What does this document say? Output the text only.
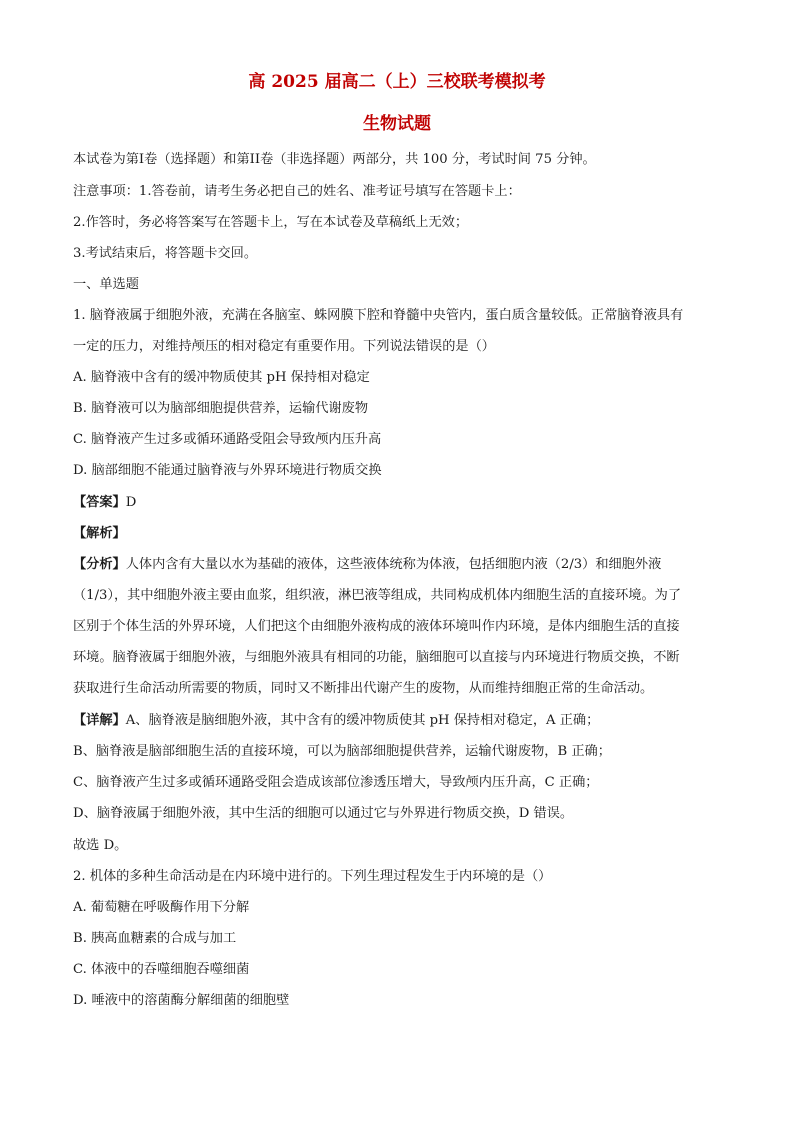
高 2025 届高二（上）三校联考模拟考
生物试题
本试卷为第Ⅰ卷（选择题）和第ⅠI卷（非选择题）两部分，共 100 分，考试时间 75 分钟。
注意事项：1.答卷前，请考生务必把自己的姓名、准考证号填写在答题卡上：
2.作答时，务必将答案写在答题卡上，写在本试卷及草稿纸上无效；
3.考试结束后，将答题卡交回。
一、单选题
1. 脑脊液属于细胞外液，充满在各脑室、蛛网膜下腔和脊髓中央管内，蛋白质含量较低。正常脑脊液具有
一定的压力，对维持颅压的相对稳定有重要作用。下列说法错误的是（）
A. 脑脊液中含有的缓冲物质使其 pH 保持相对稳定
B. 脑脊液可以为脑部细胞提供营养，运输代谢废物
C. 脑脊液产生过多或循环通路受阻会导致颅内压升高
D. 脑部细胞不能通过脑脊液与外界环境进行物质交换
【答案】D
【解析】
【分析】人体内含有大量以水为基础的液体，这些液体统称为体液，包括细胞内液（2/3）和细胞外液
（1/3），其中细胞外液主要由血浆，组织液，淋巴液等组成，共同构成机体内细胞生活的直接环境。为了
区别于个体生活的外界环境，人们把这个由细胞外液构成的液体环境叫作内环境，是体内细胞生活的直接
环境。脑脊液属于细胞外液，与细胞外液具有相同的功能，脑细胞可以直接与内环境进行物质交换，不断
获取进行生命活动所需要的物质，同时又不断排出代谢产生的废物，从而维持细胞正常的生命活动。
【详解】A、脑脊液是脑细胞外液，其中含有的缓冲物质使其 pH 保持相对稳定，A 正确；
B、脑脊液是脑部细胞生活的直接环境，可以为脑部细胞提供营养，运输代谢废物，B 正确；
C、脑脊液产生过多或循环通路受阻会造成该部位渗透压增大，导致颅内压升高，C 正确；
D、脑脊液属于细胞外液，其中生活的细胞可以通过它与外界进行物质交换，D 错误。
故选 D。
2. 机体的多种生命活动是在内环境中进行的。下列生理过程发生于内环境的是（）
A. 葡萄糖在呼吸酶作用下分解
B. 胰高血糖素的合成与加工
C. 体液中的吞噬细胞吞噬细菌
D. 唾液中的溶菌酶分解细菌的细胞壁
